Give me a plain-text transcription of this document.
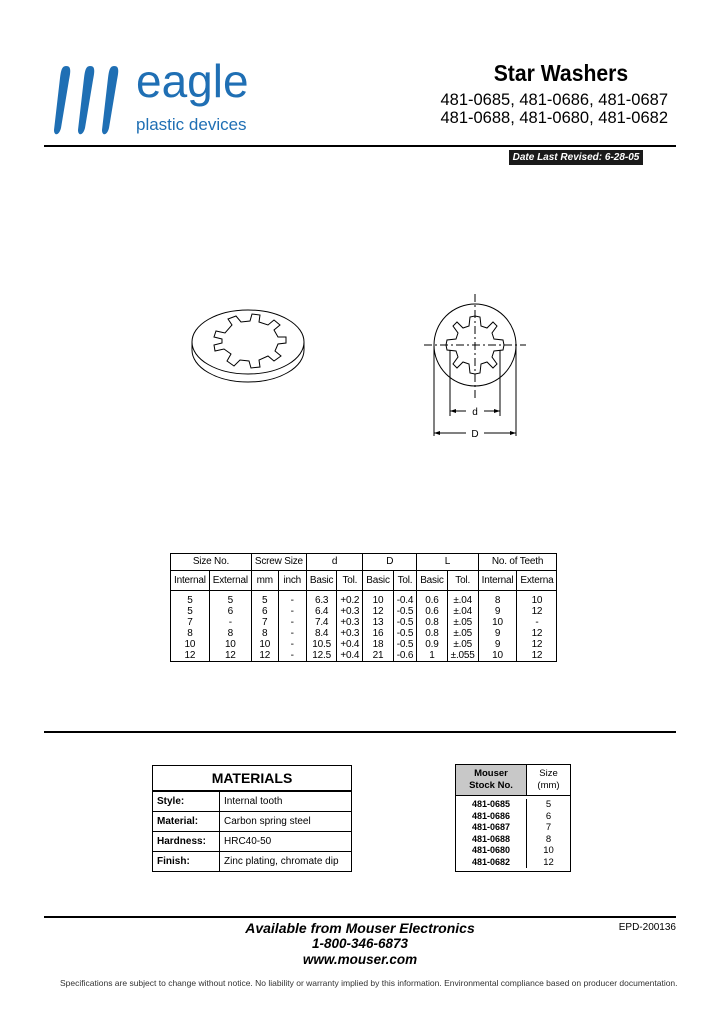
eagle
plastic devices
Star Washers
481-0685, 481-0686, 481-0687
481-0688, 481-0680, 481-0682
Date Last Revised: 6-28-05
d
D
Size No.		Screw Size		d		D		L		No. of Teeth	
Internal	External	mm	inch	Basic	Tol.	Basic	Tol.	Basic	Tol.	Internal	Externa

5	5	5	-	6.3	+0.2	10	-0.4	0.6	±.04	8	10
5	6	6	-	6.4	+0.3	12	-0.5	0.6	±.04	9	12
7	-	7	-	7.4	+0.3	13	-0.5	0.8	±.05	10	-
8	8	8	-	8.4	+0.3	16	-0.5	0.8	±.05	9	12
10	10	10	-	10.5	+0.4	18	-0.5	0.9	±.05	9	12
12	12	12	-	12.5	+0.4	21	-0.6	1	±.055	10	12
MATERIALS
Style:	Internal tooth
Material:	Carbon spring steel
Hardness:	HRC40-50
Finish:	Zinc plating, chromate dip
Mouser
Stock No.
Size
(mm)
481-0685	5
481-0686	6
481-0687	7
481-0688	8
481-0680	10
481-0682	12
Available from Mouser Electronics
1-800-346-6873
www.mouser.com
EPD-200136
Specifications are subject to change without notice. No liability or warranty implied by this information. Environmental compliance based on producer documentation.
